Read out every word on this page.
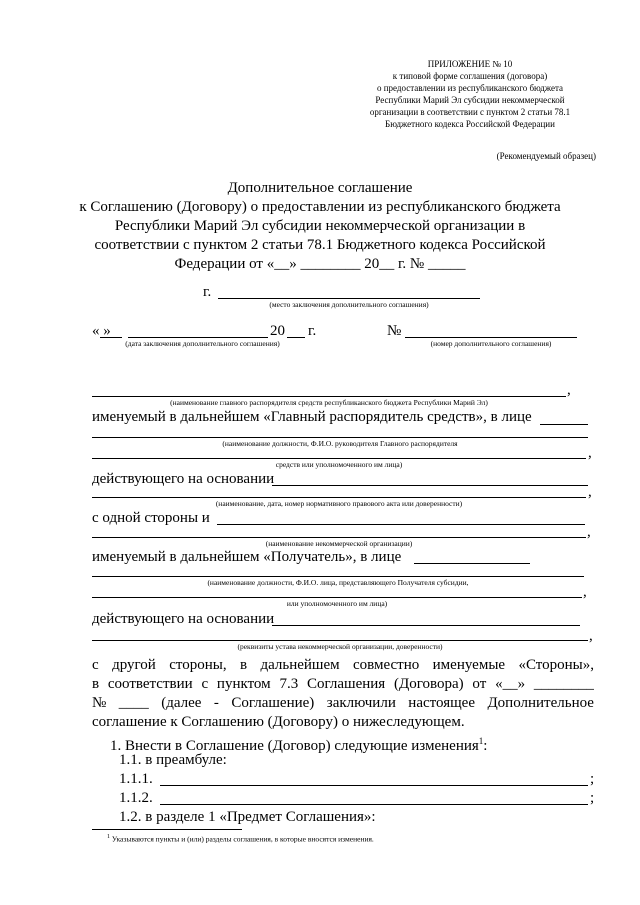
ПРИЛОЖЕНИЕ № 10
к типовой форме соглашения (договора)
о предоставлении из республиканского бюджета
Республики Марий Эл субсидии некоммерческой
организации в соответствии с пунктом 2 статьи 78.1
Бюджетного кодекса Российской Федерации
(Рекомендуемый образец)
Дополнительное соглашение
к Соглашению (Договору) о предоставлении из республиканского бюджета
Республики Марий Эл субсидии некоммерческой организации в
соответствии с пунктом 2 статьи 78.1 Бюджетного кодекса Российской
Федерации от «__» ________ 20__ г. № _____
г.
(место заключения дополнительного соглашения)
« »	20 г.	№
(дата заключения дополнительного соглашения)	(номер дополнительного соглашения)
,
(наименование главного распорядителя средств республиканского бюджета Республики Марий Эл)
именуемый в дальнейшем «Главный распорядитель средств», в лице
(наименование должности, Ф.И.О. руководителя Главного распорядителя
,
средств или уполномоченного им лица)
действующего на основании
,
(наименование, дата, номер нормативного правового акта или доверенности)
с одной стороны и
,
(наименование некоммерческой организации)
именуемый в дальнейшем «Получатель», в лице
(наименование должности, Ф.И.О. лица, представляющего Получателя субсидии,
,
или уполномоченного им лица)
действующего на основании
,
(реквизиты устава некоммерческой организации, доверенности)
с другой стороны, в дальнейшем совместно именуемые «Стороны»,
в соответствии с пунктом 7.3 Соглашения (Договора) от «__» ________
№ ____ (далее - Соглашение) заключили настоящее Дополнительное
соглашение к Соглашению (Договору) о нижеследующем.
1. Внести в Соглашение (Договор) следующие изменения$^1$:
1.1. в преамбуле:
1.1.1.	;
1.1.2.	;
1.2. в разделе 1 «Предмет Соглашения»:
$^1$ Указываются пункты и (или) разделы соглашения, в которые вносятся изменения.
